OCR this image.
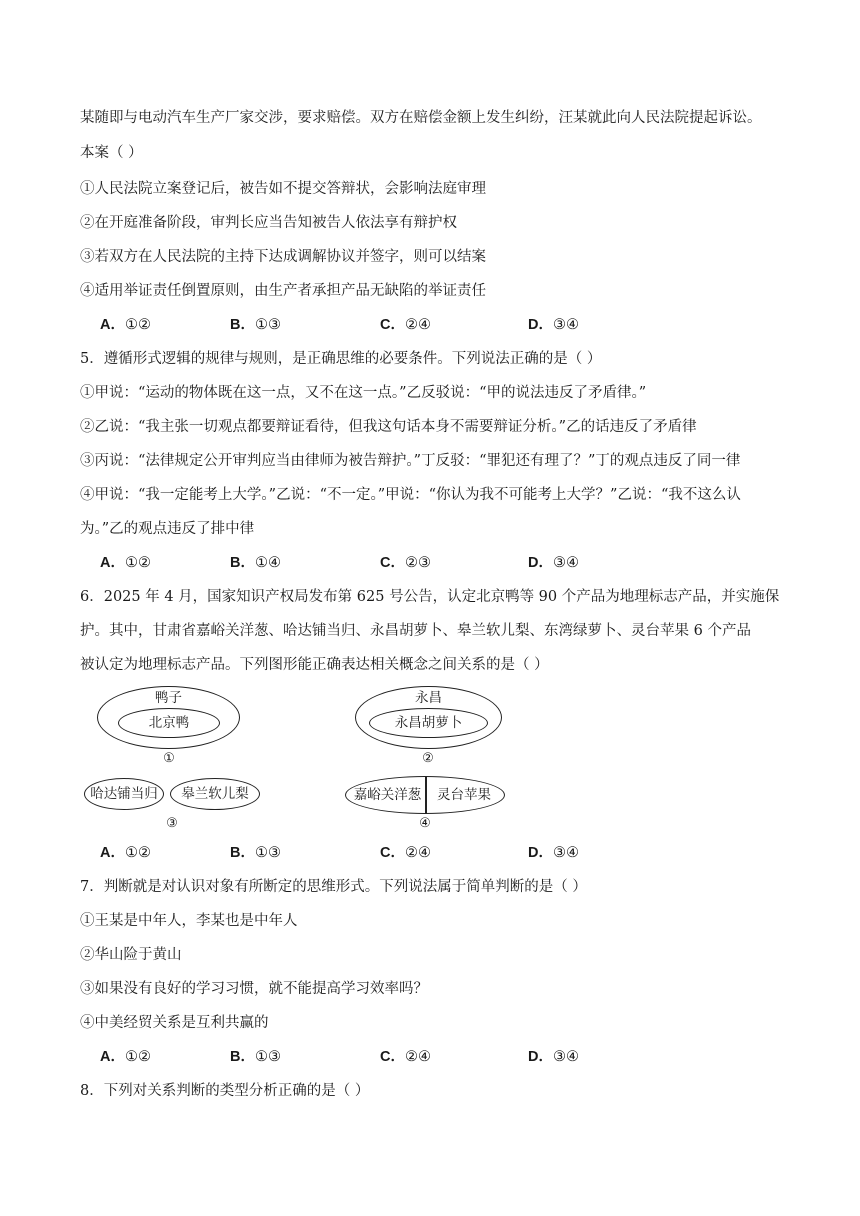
某随即与电动汽车生产厂家交涉，要求赔偿。双方在赔偿金额上发生纠纷，汪某就此向人民法院提起诉讼。
本案（ ）
①人民法院立案登记后，被告如不提交答辩状，会影响法庭审理
②在开庭准备阶段，审判长应当告知被告人依法享有辩护权
③若双方在人民法院的主持下达成调解协议并签字，则可以结案
④适用举证责任倒置原则，由生产者承担产品无缺陷的举证责任
A．①②	B．①③	C．②④	D．③④
5．遵循形式逻辑的规律与规则，是正确思维的必要条件。下列说法正确的是（ ）
①甲说：“运动的物体既在这一点，又不在这一点。”乙反驳说：“甲的说法违反了矛盾律。”
②乙说：“我主张一切观点都要辩证看待，但我这句话本身不需要辩证分析。”乙的话违反了矛盾律
③丙说：“法律规定公开审判应当由律师为被告辩护。”丁反驳：“罪犯还有理了？”丁的观点违反了同一律
④甲说：“我一定能考上大学。”乙说：“不一定。”甲说：“你认为我不可能考上大学？”乙说：“我不这么认
为。”乙的观点违反了排中律
A．①②	B．①④	C．②③	D．③④
6．2025 年 4 月，国家知识产权局发布第 625 号公告，认定北京鸭等 90 个产品为地理标志产品，并实施保
护。其中，甘肃省嘉峪关洋葱、哈达铺当归、永昌胡萝卜、皋兰软儿梨、东湾绿萝卜、灵台苹果 6 个产品
被认定为地理标志产品。下列图形能正确表达相关概念之间关系的是（ ）
鸭子
北京鸭
①
永昌
永昌胡萝卜
②
哈达铺当归	皋兰软儿梨
③
嘉峪关洋葱	灵台苹果
④
A．①②	B．①③	C．②④	D．③④
7．判断就是对认识对象有所断定的思维形式。下列说法属于简单判断的是（ ）
①王某是中年人，李某也是中年人
②华山险于黄山
③如果没有良好的学习习惯，就不能提高学习效率吗？
④中美经贸关系是互利共赢的
A．①②	B．①③	C．②④	D．③④
8．下列对关系判断的类型分析正确的是（ ）
